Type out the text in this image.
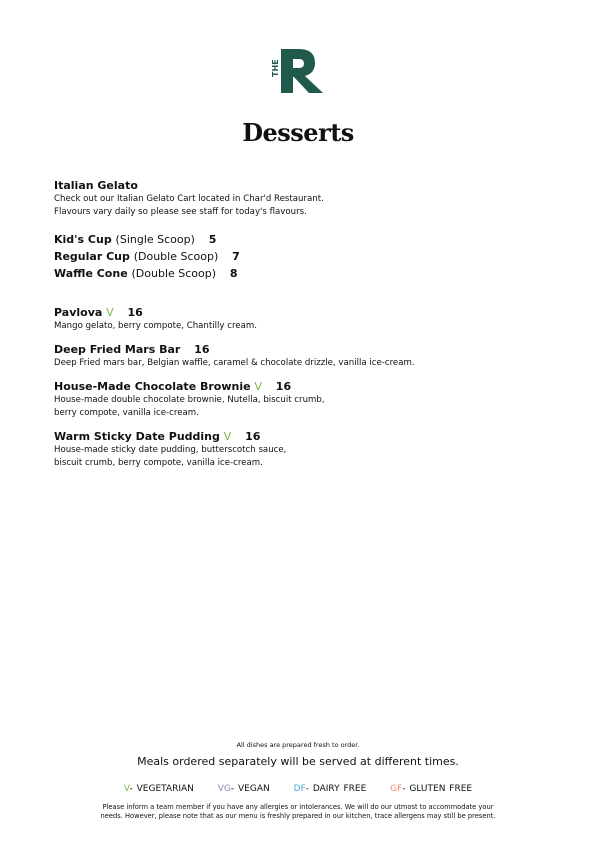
THE
Desserts

Italian Gelato

Check out our Italian Gelato Cart located in Char'd Restaurant.

Flavours vary daily so please see staff for today's flavours.

Kid's Cup (Single Scoop) 5
Regular Cup (Double Scoop) 7
Waffle Cone (Double Scoop) 8

Pavlova V 16

Mango gelato, berry compote, Chantilly cream.

Deep Fried Mars Bar 16

Deep Fried mars bar, Belgian waffle, caramel & chocolate drizzle, vanilla ice-cream.

House-Made Chocolate Brownie V 16

House-made double chocolate brownie, Nutella, biscuit crumb,

berry compote, vanilla ice-cream.

Warm Sticky Date Pudding V 16

House-made sticky date pudding, butterscotch sauce,

biscuit crumb, berry compote, vanilla ice-cream.

All dishes are prepared fresh to order.
Meals ordered separately will be served at different times.
V- VEGETARIAN	VG- VEGAN	DF- DAIRY FREE	GF- GLUTEN FREE
Please inform a team member if you have any allergies or intolerances. We will do our utmost to accommodate your
needs. However, please note that as our menu is freshly prepared in our kitchen, trace allergens may still be present.
